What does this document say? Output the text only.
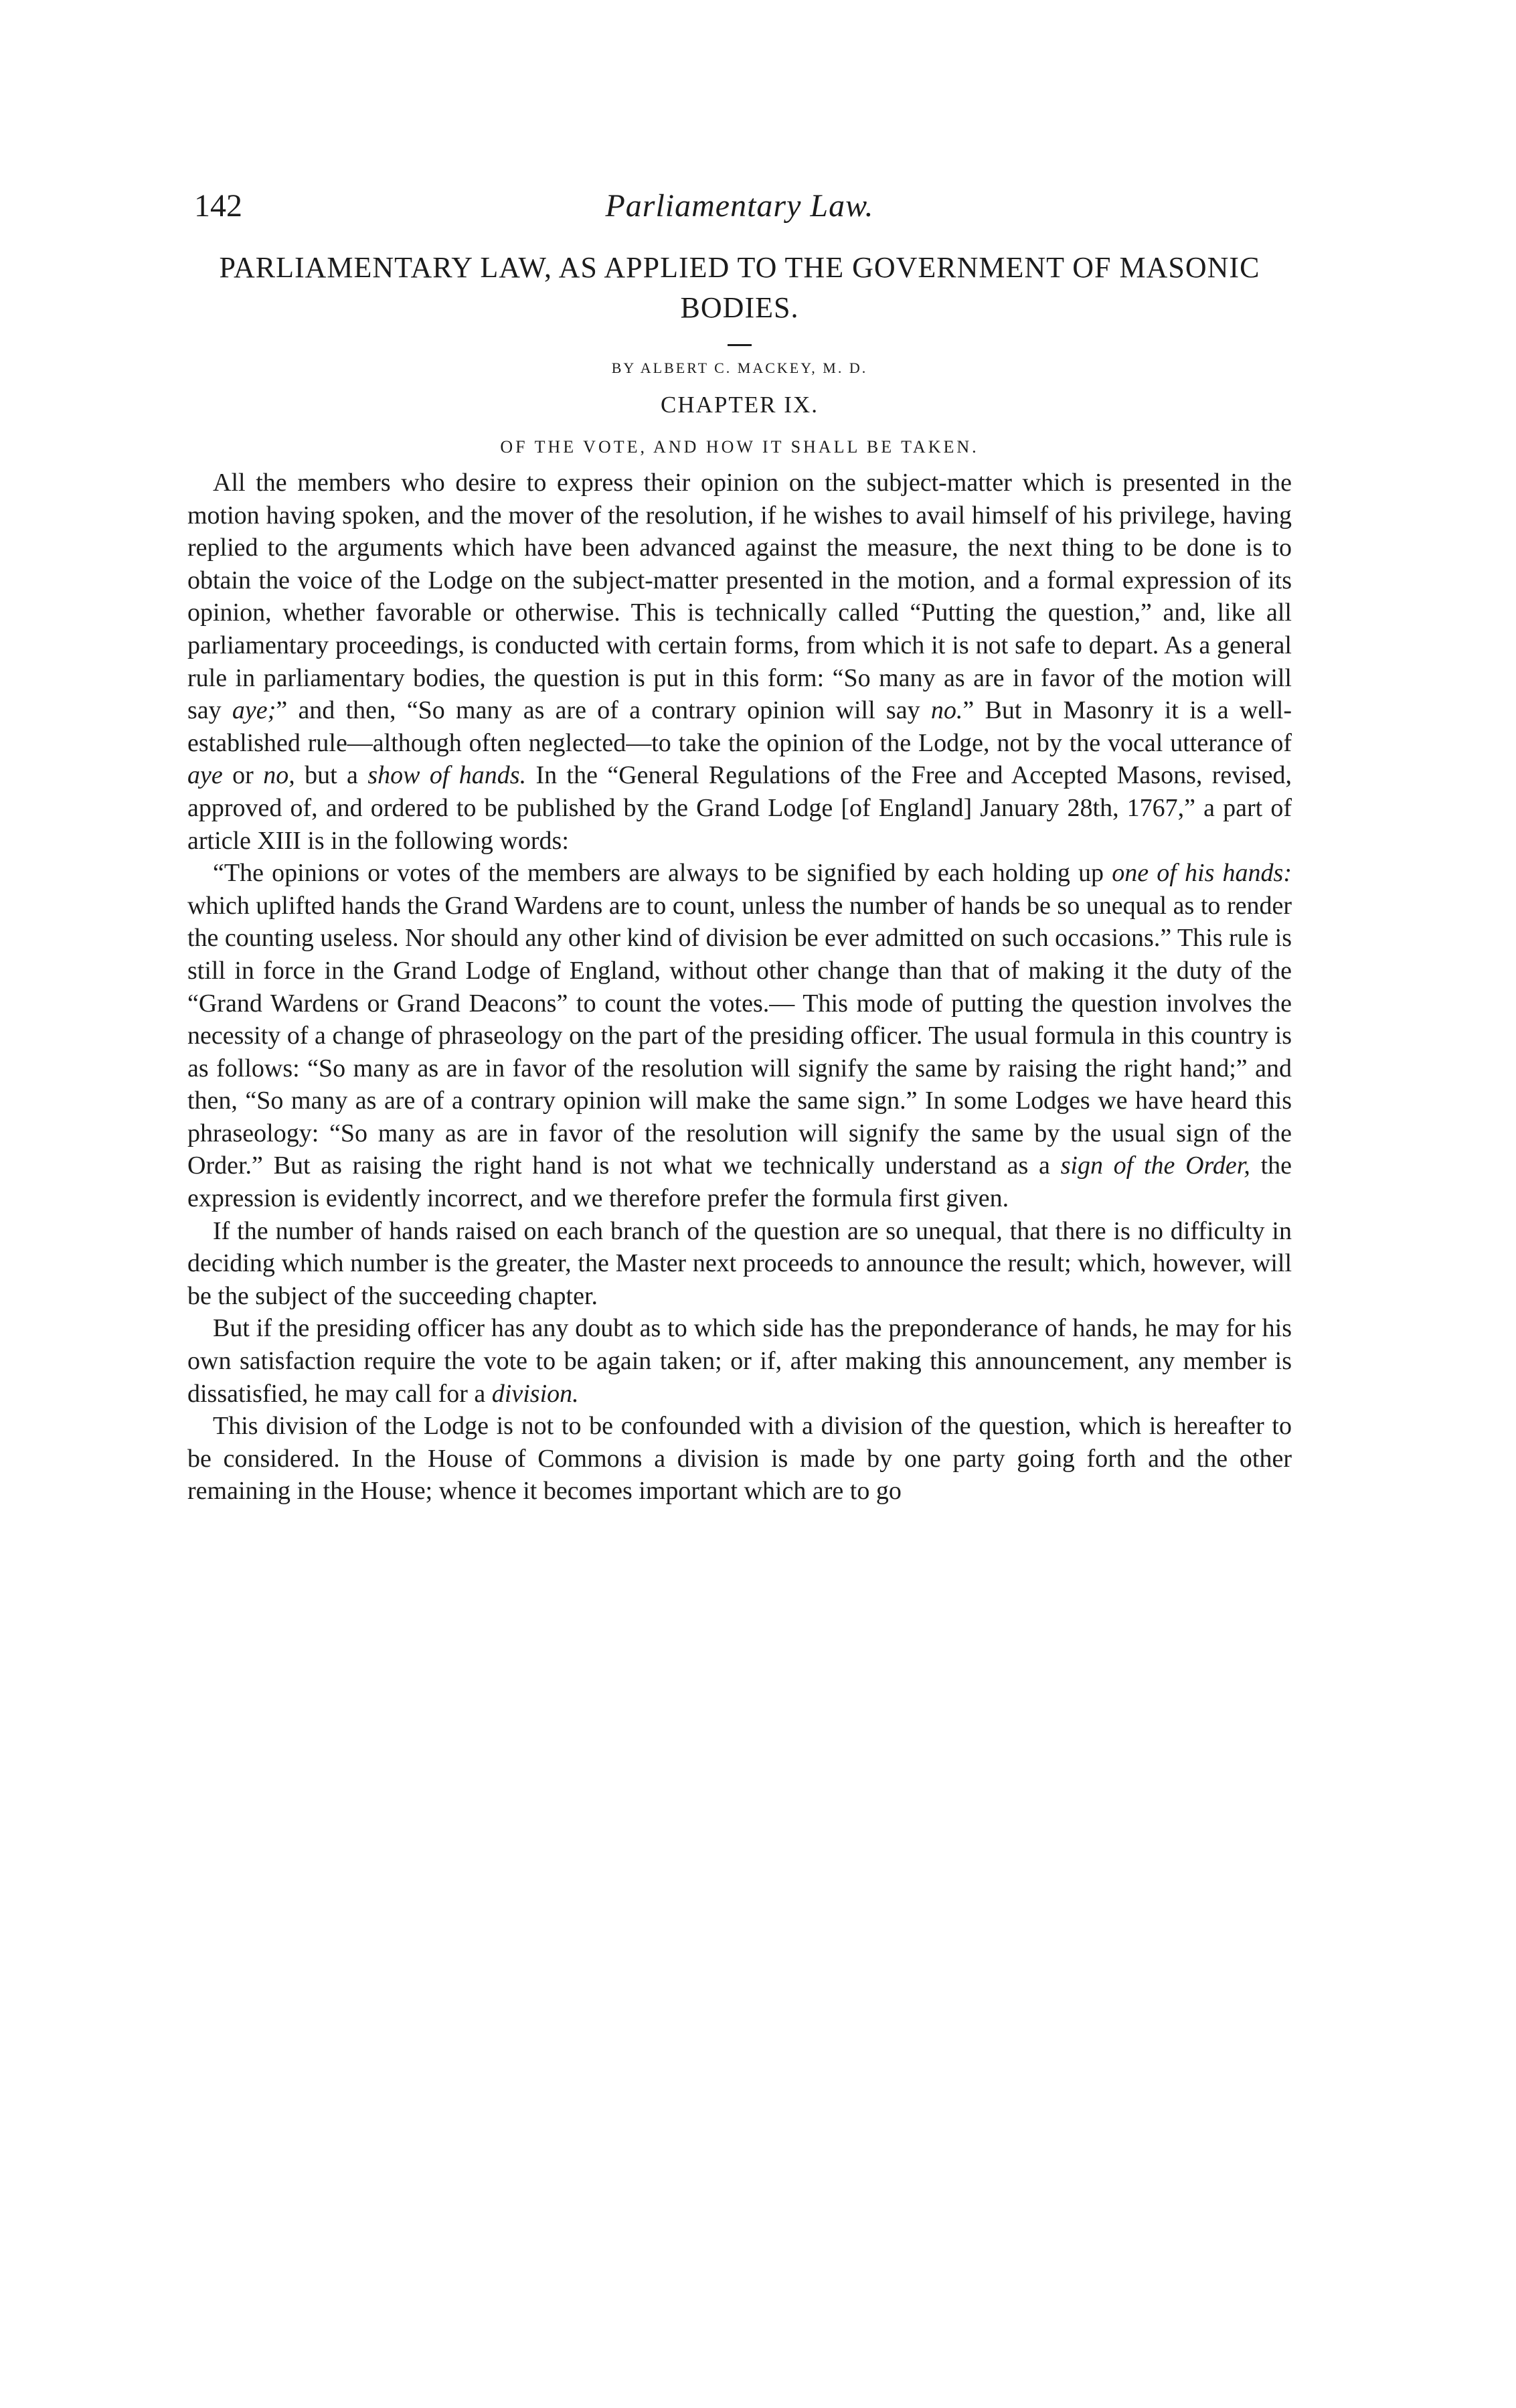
142	Parliamentary Law.
PARLIAMENTARY LAW, AS APPLIED TO THE GOVERNMENT OF MASONIC BODIES.

BY ALBERT C. MACKEY, M. D.

CHAPTER IX.
OF THE VOTE, AND HOW IT SHALL BE TAKEN.

All the members who desire to express their opinion on the subject-matter which is presented in the motion having spoken, and the mover of the resolution, if he wishes to avail himself of his privilege, having replied to the arguments which have been advanced against the measure, the next thing to be done is to obtain the voice of the Lodge on the subject-matter presented in the motion, and a formal expression of its opinion, whether favorable or otherwise. This is technically called “Putting the question,” and, like all parliamentary proceedings, is conducted with certain forms, from which it is not safe to depart. As a general rule in parliamentary bodies, the question is put in this form: “So many as are in favor of the motion will say aye;” and then, “So many as are of a contrary opinion will say no.” But in Masonry it is a well-established rule—although often neglected—to take the opinion of the Lodge, not by the vocal utterance of aye or no, but a show of hands. In the “General Regulations of the Free and Accepted Masons, revised, approved of, and ordered to be published by the Grand Lodge [of England] January 28th, 1767,” a part of article XIII is in the following words:

“The opinions or votes of the members are always to be signified by each holding up one of his hands: which uplifted hands the Grand Wardens are to count, unless the number of hands be so unequal as to render the counting useless. Nor should any other kind of division be ever admitted on such occasions.” This rule is still in force in the Grand Lodge of England, without other change than that of making it the duty of the “Grand Wardens or Grand Deacons” to count the votes.— This mode of putting the question involves the necessity of a change of phraseology on the part of the presiding officer. The usual formula in this country is as follows: “So many as are in favor of the resolution will signify the same by raising the right hand;” and then, “So many as are of a contrary opinion will make the same sign.” In some Lodges we have heard this phraseology: “So many as are in favor of the resolution will signify the same by the usual sign of the Order.” But as raising the right hand is not what we technically understand as a sign of the Order, the expression is evidently incorrect, and we therefore prefer the formula first given.

If the number of hands raised on each branch of the question are so unequal, that there is no difficulty in deciding which number is the greater, the Master next proceeds to announce the result; which, however, will be the subject of the succeeding chapter.

But if the presiding officer has any doubt as to which side has the preponderance of hands, he may for his own satisfaction require the vote to be again taken; or if, after making this announcement, any member is dissatisfied, he may call for a division.

This division of the Lodge is not to be confounded with a division of the question, which is hereafter to be considered. In the House of Commons a division is made by one party going forth and the other remaining in the House; whence it becomes important which are to go
